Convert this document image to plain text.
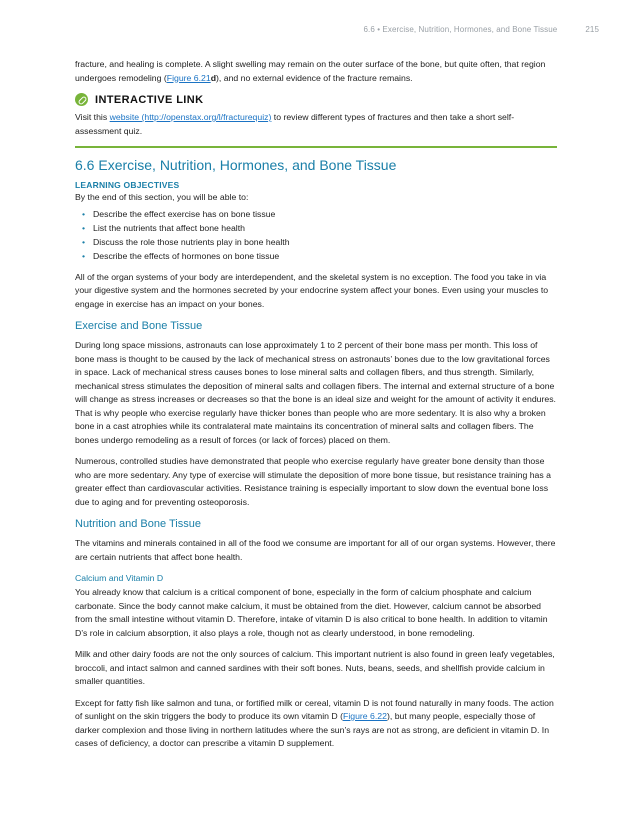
6.6 • Exercise, Nutrition, Hormones, and Bone Tissue	215

fracture, and healing is complete. A slight swelling may remain on the outer surface of the bone, but quite often, that region undergoes remodeling (Figure 6.21d), and no external evidence of the fracture remains.

INTERACTIVE LINK

Visit this website (http://openstax.org/l/fracturequiz) to review different types of fractures and then take a short self-assessment quiz.

6.6 Exercise, Nutrition, Hormones, and Bone Tissue
LEARNING OBJECTIVES

By the end of this section, you will be able to:

• Describe the effect exercise has on bone tissue
• List the nutrients that affect bone health
• Discuss the role those nutrients play in bone health
• Describe the effects of hormones on bone tissue

All of the organ systems of your body are interdependent, and the skeletal system is no exception. The food you take in via your digestive system and the hormones secreted by your endocrine system affect your bones. Even using your muscles to engage in exercise has an impact on your bones.

Exercise and Bone Tissue

During long space missions, astronauts can lose approximately 1 to 2 percent of their bone mass per month. This loss of bone mass is thought to be caused by the lack of mechanical stress on astronauts’ bones due to the low gravitational forces in space. Lack of mechanical stress causes bones to lose mineral salts and collagen fibers, and thus strength. Similarly, mechanical stress stimulates the deposition of mineral salts and collagen fibers. The internal and external structure of a bone will change as stress increases or decreases so that the bone is an ideal size and weight for the amount of activity it endures. That is why people who exercise regularly have thicker bones than people who are more sedentary. It is also why a broken bone in a cast atrophies while its contralateral mate maintains its concentration of mineral salts and collagen fibers. The bones undergo remodeling as a result of forces (or lack of forces) placed on them.

Numerous, controlled studies have demonstrated that people who exercise regularly have greater bone density than those who are more sedentary. Any type of exercise will stimulate the deposition of more bone tissue, but resistance training has a greater effect than cardiovascular activities. Resistance training is especially important to slow down the eventual bone loss due to aging and for preventing osteoporosis.

Nutrition and Bone Tissue

The vitamins and minerals contained in all of the food we consume are important for all of our organ systems. However, there are certain nutrients that affect bone health.

Calcium and Vitamin D

You already know that calcium is a critical component of bone, especially in the form of calcium phosphate and calcium carbonate. Since the body cannot make calcium, it must be obtained from the diet. However, calcium cannot be absorbed from the small intestine without vitamin D. Therefore, intake of vitamin D is also critical to bone health. In addition to vitamin D’s role in calcium absorption, it also plays a role, though not as clearly understood, in bone remodeling.

Milk and other dairy foods are not the only sources of calcium. This important nutrient is also found in green leafy vegetables, broccoli, and intact salmon and canned sardines with their soft bones. Nuts, beans, seeds, and shellfish provide calcium in smaller quantities.

Except for fatty fish like salmon and tuna, or fortified milk or cereal, vitamin D is not found naturally in many foods. The action of sunlight on the skin triggers the body to produce its own vitamin D (Figure 6.22), but many people, especially those of darker complexion and those living in northern latitudes where the sun’s rays are not as strong, are deficient in vitamin D. In cases of deficiency, a doctor can prescribe a vitamin D supplement.
